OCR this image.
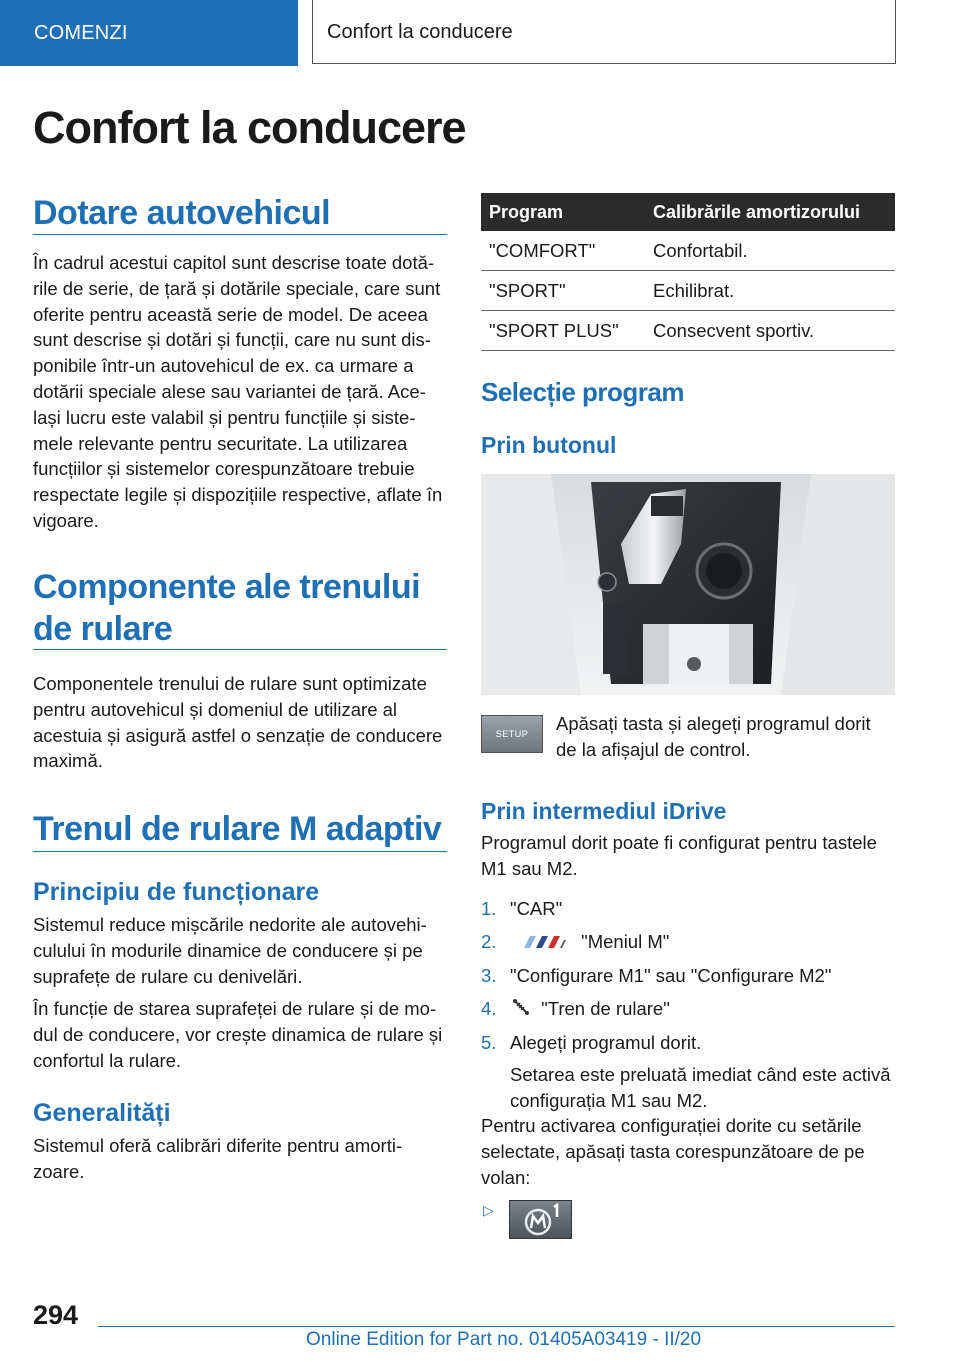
COMENZI	Confort la conducere
Confort la conducere
Dotare autovehicul

În cadrul acestui capitol sunt descrise toate dotările de serie, de țară și dotările speciale, care sunt oferite pentru această serie de model. De aceea sunt descrise și dotări și funcții, care nu sunt disponibile într-un autovehicul de ex. ca urmare a dotării speciale alese sau variantei de țară. Același lucru este valabil și pentru funcțiile și sistemele relevante pentru securitate. La utilizarea funcțiilor și sistemelor corespunzătoare trebuie respectate legile și dispozițiile respective, aflate în vigoare.

Componente ale trenului de rulare

Componentele trenului de rulare sunt optimizate pentru autovehicul și domeniul de utilizare al acestuia și asigură astfel o senzație de conducere maximă.

Trenul de rulare M adaptiv
Principiu de funcționare

Sistemul reduce mișcările nedorite ale autovehiculului în modurile dinamice de conducere și pe suprafețe de rulare cu denivelări.

În funcție de starea suprafeței de rulare și de modul de conducere, vor crește dinamica de rulare și confortul la rulare.

Generalități

Sistemul oferă calibrări diferite pentru amortizoare.

Program	Calibrările amortizorului
"COMFORT"	Confortabil.
"SPORT"	Echilibrat.
"SPORT PLUS"	Consecvent sportiv.
Selecție program
Prin butonul
SETUP	Apăsați tasta și alegeți programul dorit de la afișajul de control.

Prin intermediul iDrive

Programul dorit poate fi configurat pentru tastele M1 sau M2.

1. "CAR"
2.	"Meniul M"
3. "Configurare M1" sau "Configurare M2"
4. "Tren de rulare"
5. Alegeți programul dorit.
Setarea este preluată imediat când este activă configurația M1 sau M2.

Pentru activarea configurației dorite cu setările selectate, apăsați tasta corespunzătoare de pe volan:

▷

294

Online Edition for Part no. 01405A03419 - II/20
